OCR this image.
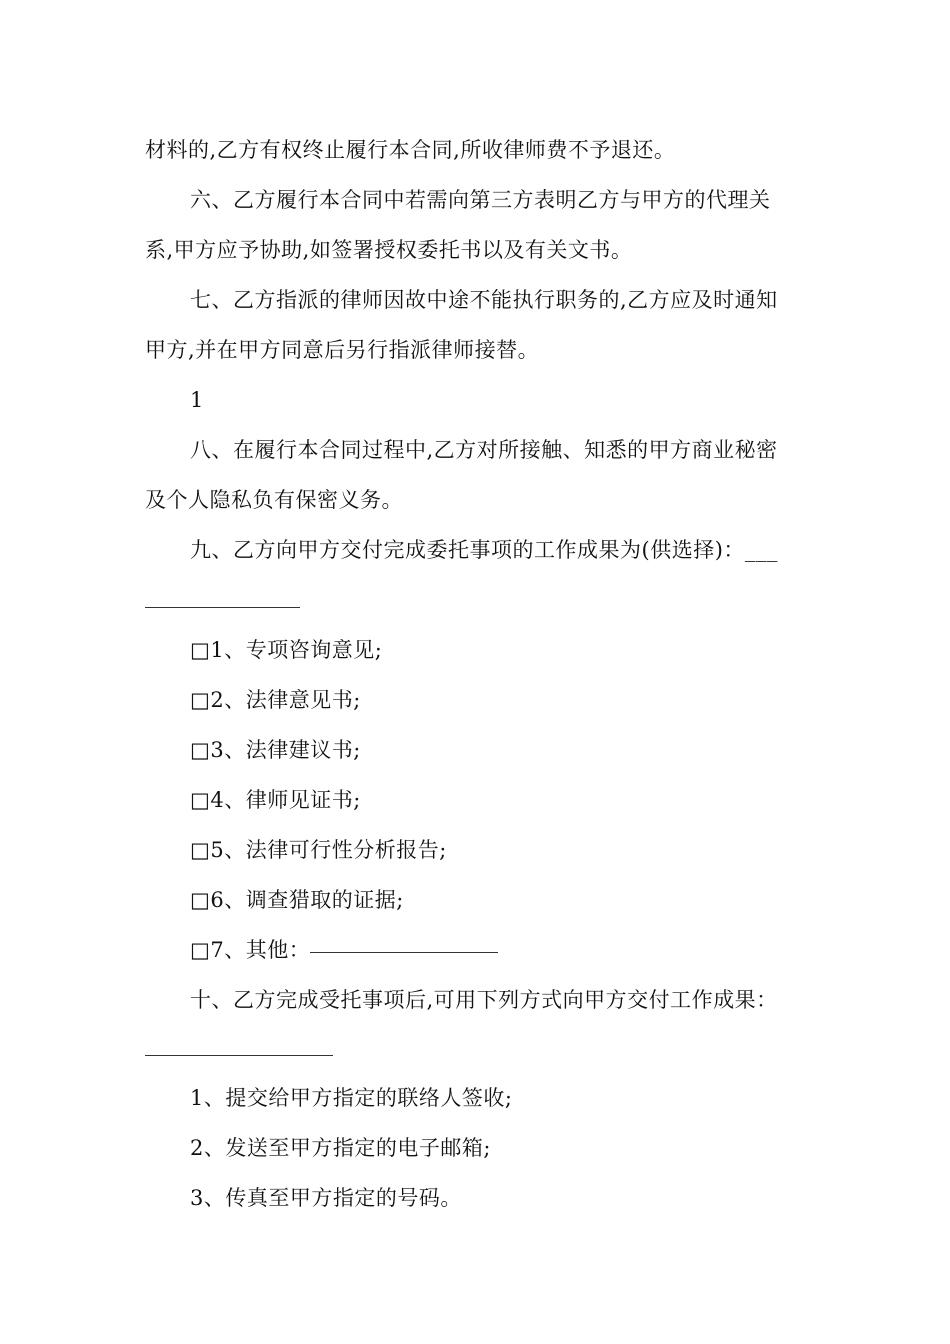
材料的,乙方有权终止履行本合同,所收律师费不予退还。
六、乙方履行本合同中若需向第三方表明乙方与甲方的代理关
系,甲方应予协助,如签署授权委托书以及有关文书。
七、乙方指派的律师因故中途不能执行职务的,乙方应及时通知
甲方,并在甲方同意后另行指派律师接替。
1
八、在履行本合同过程中,乙方对所接触、知悉的甲方商业秘密
及个人隐私负有保密义务。
九、乙方向甲方交付完成委托事项的工作成果为(供选择)：___
□1、专项咨询意见;
□2、法律意见书;
□3、法律建议书;
□4、律师见证书;
□5、法律可行性分析报告;
□6、调查猎取的证据;
□7、其他：
十、乙方完成受托事项后,可用下列方式向甲方交付工作成果：
1、提交给甲方指定的联络人签收;
2、发送至甲方指定的电子邮箱;
3、传真至甲方指定的号码。
